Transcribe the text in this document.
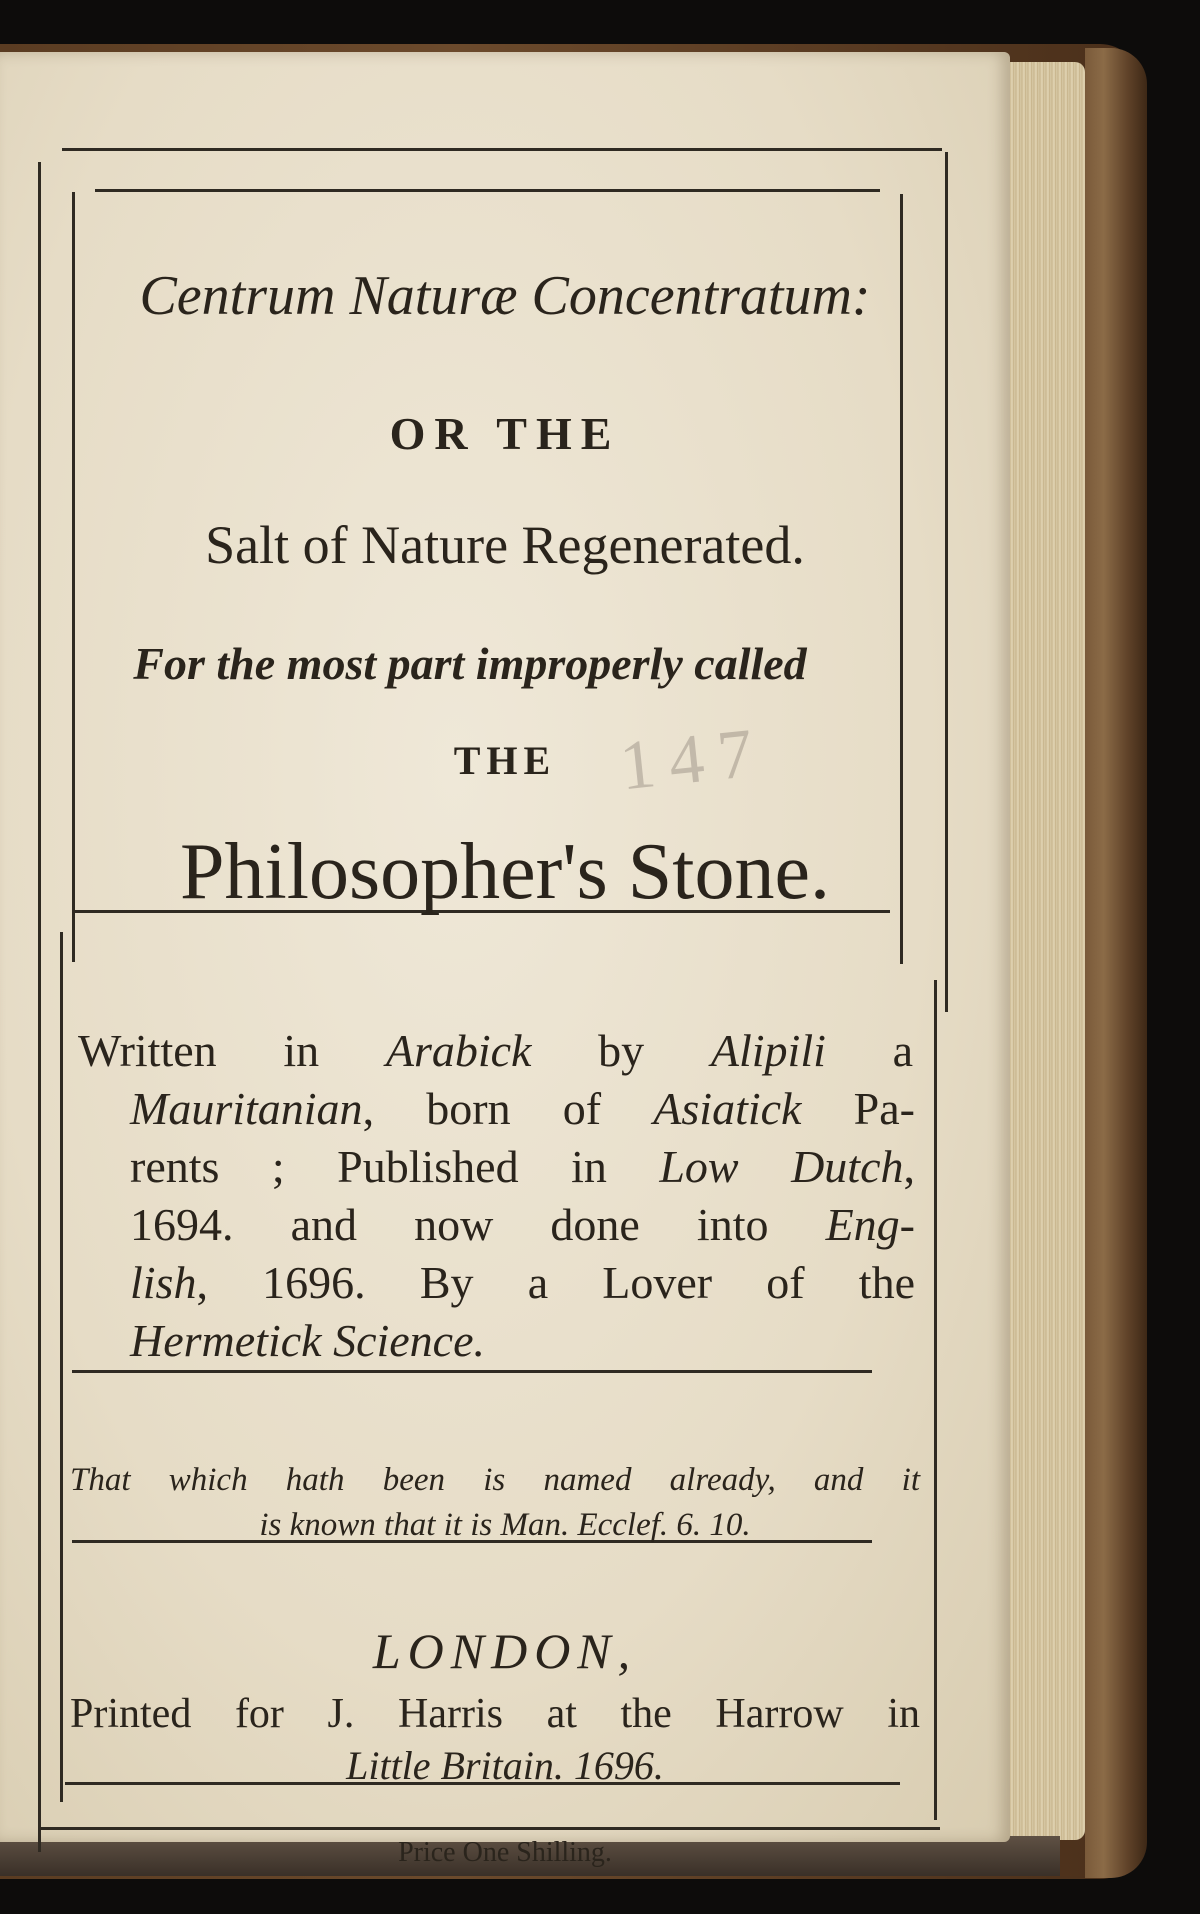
Centrum Naturæ Concentratum:
OR THE
Salt of Nature Regenerated.
For the most part improperly called
THE 147
Philosopher's Stone.
Written in Arabick by Alipili a
Mauritanian, born of Asiatick Pa-
rents ; Published in Low Dutch,
1694. and now done into Eng-
lish, 1696. By a Lover of the
Hermetick Science.
That which hath been is named already, and it
is known that it is Man. Ecclef. 6. 10.
LONDON,
Printed for J. Harris at the Harrow in
Little Britain. 1696.
Price One Shilling.
